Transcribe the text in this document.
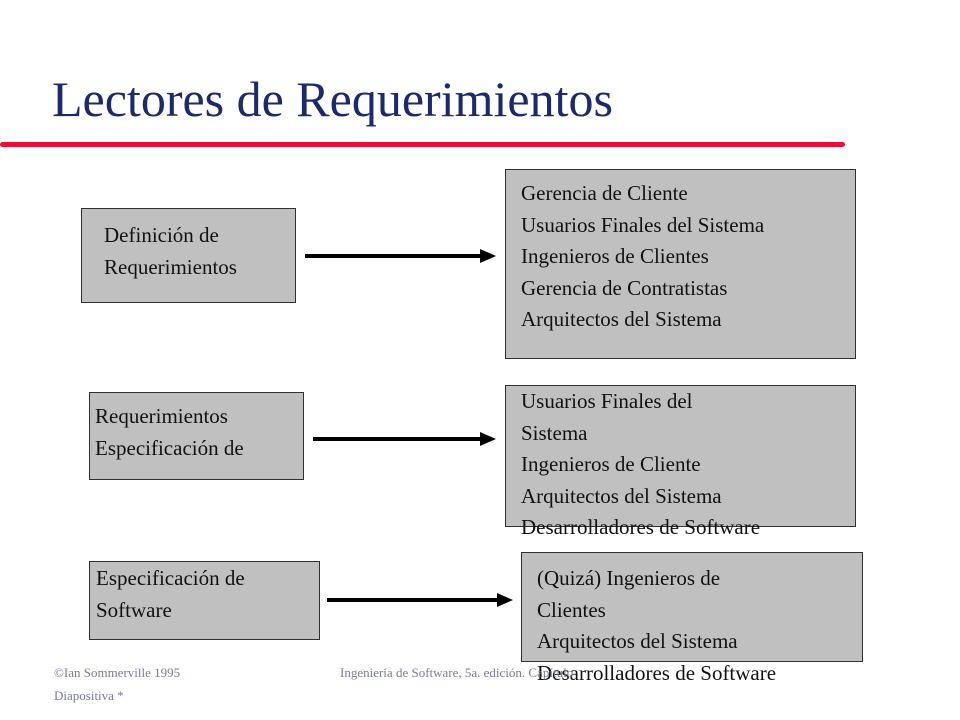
Lectores de Requerimientos
Definición de
Requerimientos
Gerencia de Cliente
Usuarios Finales del Sistema
Ingenieros de Clientes
Gerencia de Contratistas
Arquitectos del Sistema
Requerimientos
Especificación de
Usuarios Finales del
Sistema
Ingenieros de Cliente
Arquitectos del Sistema
Desarrolladores de Software
Especificación de
Software
(Quizá) Ingenieros de
Clientes
Arquitectos del Sistema
Desarrolladores de Software
©Ian Sommerville 1995
Diapositiva *
Ingeniería de Software, 5a. edición. Capítulo
